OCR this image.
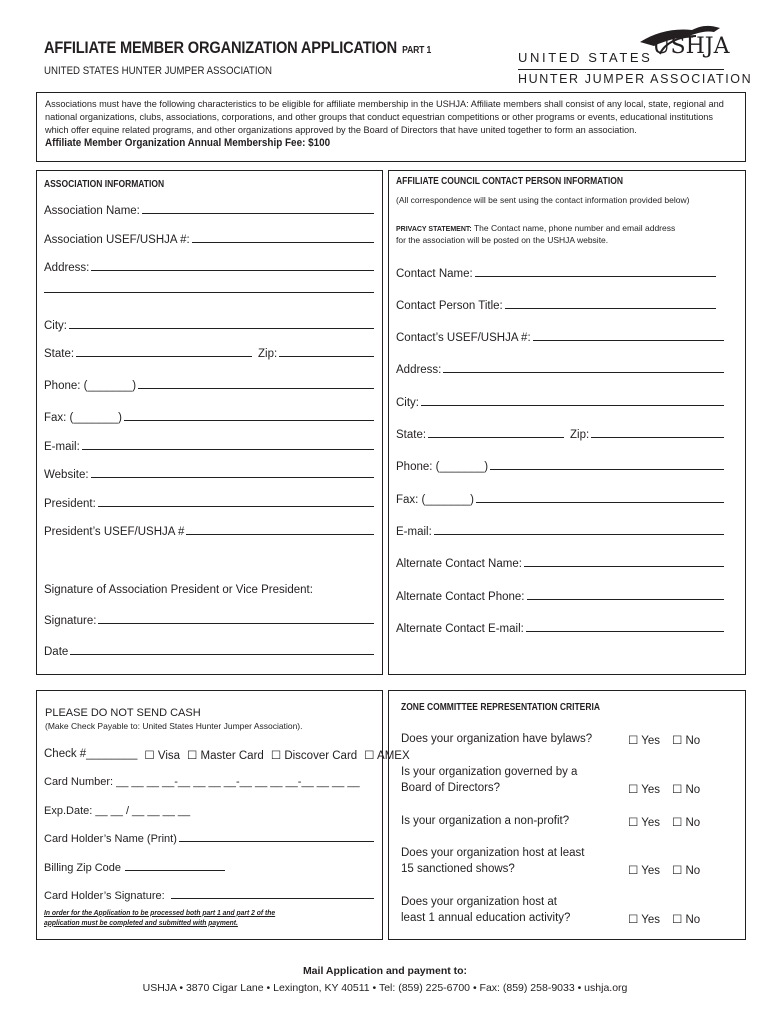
AFFILIATE MEMBER ORGANIZATION APPLICATION PART 1
UNITED STATES HUNTER JUMPER ASSOCIATION
USHJA
UNITED STATES
HUNTER JUMPER ASSOCIATION
Associations must have the following characteristics to be eligible for affiliate membership in the USHJA: Affiliate members shall consist of any local, state, regional and national organizations, clubs, associations, corporations, and other groups that conduct equestrian competitions or other programs or events, educational institutions which offer equine related programs, and other organizations approved by the Board of Directors that have united together to form an association.
Affiliate Member Organization Annual Membership Fee: $100
ASSOCIATION INFORMATION
Association Name:
Association USEF/USHJA #:
Address:
City:
State:	Zip:
Phone: (_______)
Fax: (_______)
E-mail:
Website:
President:
President’s USEF/USHJA #
Signature of Association President or Vice President:
Signature:
Date
AFFILIATE COUNCIL CONTACT PERSON INFORMATION
(All correspondence will be sent using the contact information provided below)
PRIVACY STATEMENT: The Contact name, phone number and email address
for the association will be posted on the USHJA website.
Contact Name:
Contact Person Title:
Contact’s USEF/USHJA #:
Address:
City:
State:	Zip:
Phone: (_______)
Fax: (_______)
E-mail:
Alternate Contact Name:
Alternate Contact Phone:
Alternate Contact E-mail:
PLEASE DO NOT SEND CASH
(Make Check Payable to: United States Hunter Jumper Association).
Check #________ ☐ Visa ☐ Master Card ☐ Discover Card ☐ AMEX
Card Number: __ __ __ __-__ __ __ __-__ __ __ __-__ __ __ __
Exp.Date: __ __ / __ __ __ __
Card Holder’s Name (Print)
Billing Zip Code
Card Holder’s Signature:
In order for the Application to be processed both part 1 and part 2 of the
application must be completed and submitted with payment.
ZONE COMMITTEE REPRESENTATION CRITERIA
Does your organization have bylaws?	☐ Yes ☐ No
Is your organization governed by a
Board of Directors?	☐ Yes ☐ No
Is your organization a non-profit?	☐ Yes ☐ No
Does your organization host at least
15 sanctioned shows?	☐ Yes ☐ No
Does your organization host at
least 1 annual education activity?	☐ Yes ☐ No
Mail Application and payment to:
USHJA • 3870 Cigar Lane • Lexington, KY 40511 • Tel: (859) 225-6700 • Fax: (859) 258-9033 • ushja.org
